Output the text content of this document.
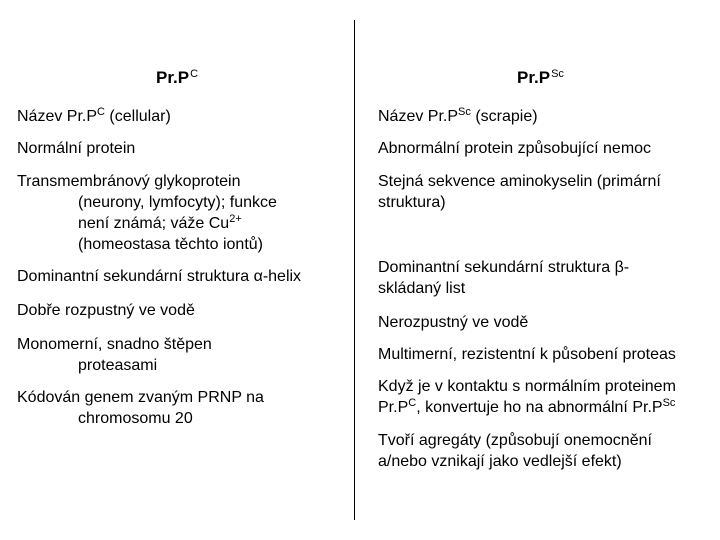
$Pr.P^C$	$Pr.P^{Sc}$
Název $Pr.P^C$ (cellular)
Normální protein
Transmembránový glykoprotein
(neurony, lymfocyty); funkce
není známá; váže $Cu^{2+}$
(homeostasa těchto iontů)
Dominantní sekundární struktura α-helix
Dobře rozpustný ve vodě
Monomerní, snadno štěpen
proteasami
Kódován genem zvaným PRNP na
chromosomu 20
Název $Pr.P^{Sc}$ (scrapie)
Abnormální protein způsobující nemoc
Stejná sekvence aminokyselin (primární
struktura)
Dominantní sekundární struktura β-
skládaný list
Nerozpustný ve vodě
Multimerní, rezistentní k působení proteas
Když je v kontaktu s normálním proteinem
$Pr.P^C$, konvertuje ho na abnormální $Pr.P^{Sc}$
Tvoří agregáty (způsobují onemocnění
a/nebo vznikají jako vedlejší efekt)
